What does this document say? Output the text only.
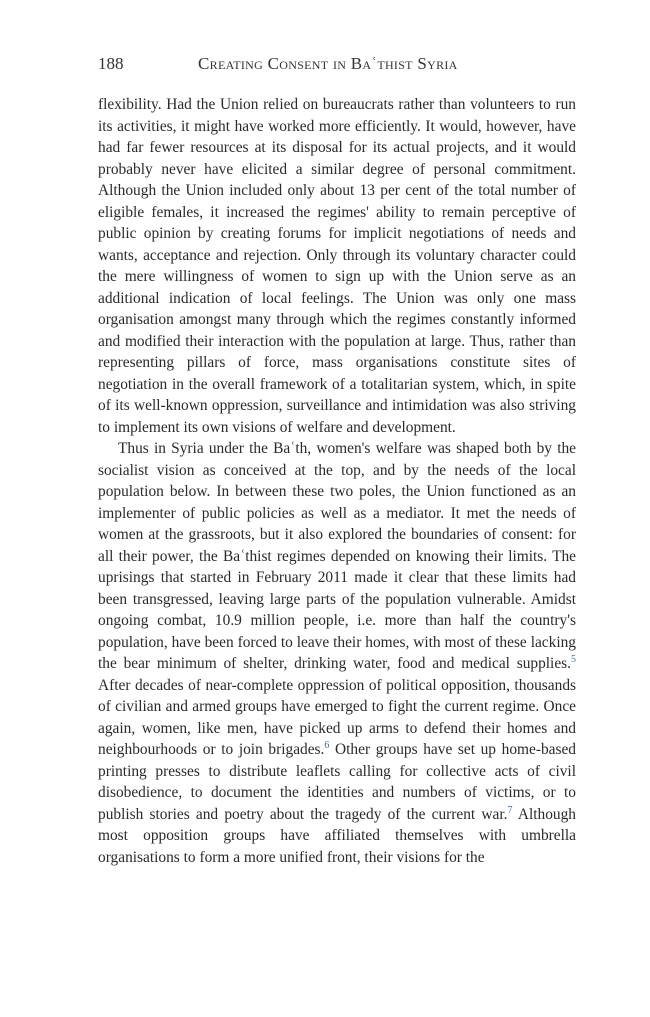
188	Creating Consent in Baʿthist Syria

flexibility. Had the Union relied on bureaucrats rather than volunteers to run its activities, it might have worked more efficiently. It would, however, have had far fewer resources at its disposal for its actual projects, and it would probably never have elicited a similar degree of personal commitment. Although the Union included only about 13 per cent of the total number of eligible females, it increased the regimes' ability to remain perceptive of public opinion by creating forums for implicit negotiations of needs and wants, acceptance and rejection. Only through its voluntary character could the mere willingness of women to sign up with the Union serve as an additional indication of local feelings. The Union was only one mass organisation amongst many through which the regimes constantly informed and modified their interaction with the population at large. Thus, rather than representing pillars of force, mass organisations constitute sites of negotiation in the overall framework of a totalitarian system, which, in spite of its well-known oppression, surveillance and intimidation was also striving to implement its own visions of welfare and development.

Thus in Syria under the Baʿth, women's welfare was shaped both by the socialist vision as conceived at the top, and by the needs of the local population below. In between these two poles, the Union functioned as an implementer of public policies as well as a mediator. It met the needs of women at the grassroots, but it also explored the boundaries of consent: for all their power, the Baʿthist regimes depended on knowing their limits. The uprisings that started in February 2011 made it clear that these limits had been transgressed, leaving large parts of the population vulnerable. Amidst ongoing combat, 10.9 million people, i.e. more than half the country's population, have been forced to leave their homes, with most of these lacking the bear minimum of shelter, drinking water, food and medical supplies.$^5$ After decades of near-complete oppression of political opposition, thousands of civilian and armed groups have emerged to fight the current regime. Once again, women, like men, have picked up arms to defend their homes and neighbourhoods or to join brigades.$^6$ Other groups have set up home-based printing presses to distribute leaflets calling for collective acts of civil disobedience, to document the identities and numbers of victims, or to publish stories and poetry about the tragedy of the current war.$^7$ Although most opposition groups have affiliated themselves with umbrella organisations to form a more unified front, their visions for the
